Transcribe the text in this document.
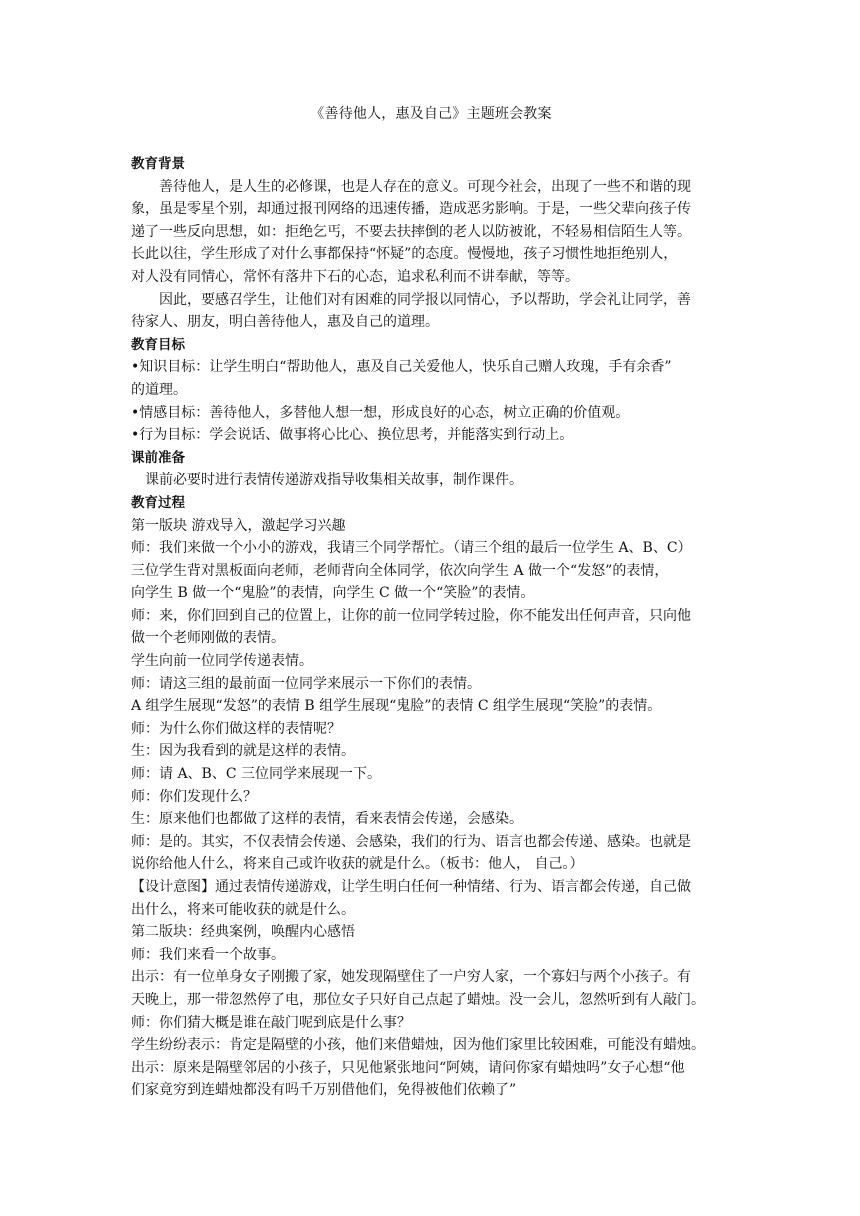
《善待他人，惠及自己》主题班会教案

教育背景

善待他人，是人生的必修课，也是人存在的意义。可现今社会，出现了一些不和谐的现

象，虽是零星个别，却通过报刊网络的迅速传播，造成恶劣影响。于是，一些父辈向孩子传

递了一些反向思想，如：拒绝乞丐，不要去扶摔倒的老人以防被讹，不轻易相信陌生人等。

长此以往，学生形成了对什么事都保持“怀疑”的态度。慢慢地，孩子习惯性地拒绝别人，

对人没有同情心，常怀有落井下石的心态，追求私利而不讲奉献，等等。

因此，要感召学生，让他们对有困难的同学报以同情心，予以帮助，学会礼让同学，善

待家人、朋友，明白善待他人，惠及自己的道理。

教育目标

•知识目标：让学生明白“帮助他人，惠及自己关爱他人，快乐自己赠人玫瑰，手有余香”

的道理。

•情感目标：善待他人，多替他人想一想，形成良好的心态，树立正确的价值观。

•行为目标：学会说话、做事将心比心、换位思考，并能落实到行动上。

课前准备

课前必要时进行表情传递游戏指导收集相关故事，制作课件。

教育过程

第一版块 游戏导入，激起学习兴趣

师：我们来做一个小小的游戏，我请三个同学帮忙。（请三个组的最后一位学生 A、B、C）

三位学生背对黑板面向老师，老师背向全体同学，依次向学生 A 做一个“发怒”的表情，

向学生 B 做一个“鬼脸”的表情，向学生 C 做一个“笑脸”的表情。

师：来，你们回到自己的位置上，让你的前一位同学转过脸，你不能发出任何声音，只向他

做一个老师刚做的表情。

学生向前一位同学传递表情。

师：请这三组的最前面一位同学来展示一下你们的表情。

A 组学生展现“发怒”的表情 B 组学生展现“鬼脸”的表情 C 组学生展现“笑脸”的表情。

师：为什么你们做这样的表情呢？

生：因为我看到的就是这样的表情。

师：请 A、B、C 三位同学来展现一下。

师：你们发现什么？

生：原来他们也都做了这样的表情，看来表情会传递，会感染。

师：是的。其实，不仅表情会传递、会感染，我们的行为、语言也都会传递、感染。也就是

说你给他人什么，将来自己或许收获的就是什么。（板书：他人， 自己。）

【设计意图】通过表情传递游戏，让学生明白任何一种情绪、行为、语言都会传递，自己做

出什么，将来可能收获的就是什么。

第二版块：经典案例，唤醒内心感悟

师：我们来看一个故事。

出示：有一位单身女子刚搬了家，她发现隔壁住了一户穷人家，一个寡妇与两个小孩子。有

天晚上，那一带忽然停了电，那位女子只好自己点起了蜡烛。没一会儿，忽然听到有人敲门。

师：你们猜大概是谁在敲门呢到底是什么事？

学生纷纷表示：肯定是隔壁的小孩，他们来借蜡烛，因为他们家里比较困难，可能没有蜡烛。

出示：原来是隔壁邻居的小孩子，只见他紧张地问“阿姨，请问你家有蜡烛吗”女子心想“他

们家竟穷到连蜡烛都没有吗千万别借他们，免得被他们依赖了”
